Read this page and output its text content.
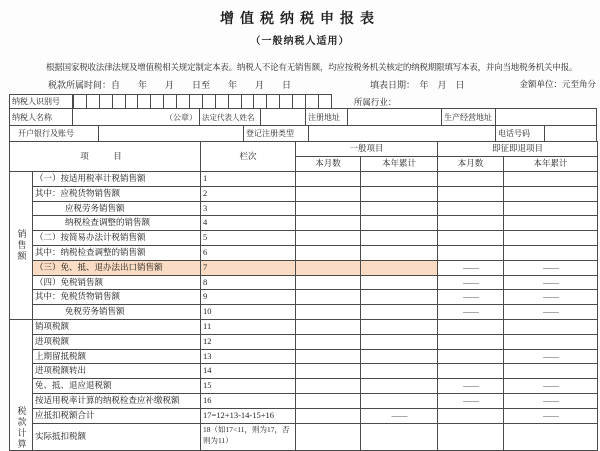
增值税纳税申报表
（一般纳税人适用）
根据国家税收法律法规及增值税相关规定制定本表。纳税人不论有无销售额，均应按税务机关核定的纳税期限填写本表，并向当地税务机关申报。
税款所属时间：自　　年　　月　　日至　　年　　月　　日	填表日期：　年　月　日	金额单位：元至角分
纳税人识别号	所属行业：
纳税人名称	（公章） 法定代表人姓名	注册地址	生产经营地址
开户银行及账号	登记注册类型	电话号码
项　目		栏次	一般项目		即征即退项目	
			本月数	本年累计	本月数	本年累计

销售额	（一）按适用税率计税销售额	1				
	其中：应税货物销售额	2				
	应税劳务销售额	3				
	纳税检查调整的销售额	4				
	（二）按简易办法计税销售额	5				
	其中：纳税检查调整的销售额	6				
	（三）免、抵、退办法出口销售额	7			——	——
	（四）免税销售额	8			——	——
	其中：免税货物销售额	9			——	——
	免税劳务销售额	10			——	——

税款计算	销项税额	11				
	进项税额	12				
	上期留抵税额	13				——
	进项税额转出	14				
	免、抵、退应退税额	15			——	——
	按适用税率计算的纳税检查应补缴税额	16			——	——
	应抵扣税额合计	17=12+13-14-15+16		——		——
	实际抵扣税额	18（如17<11，则为17，否则为11）				
